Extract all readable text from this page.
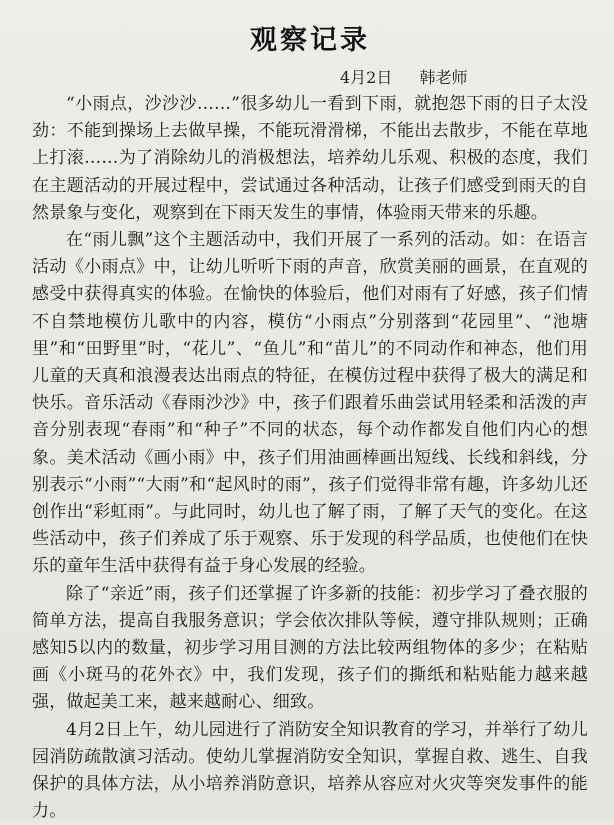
观察记录
4月2日 韩老师

“小雨点，沙沙沙……”很多幼儿一看到下雨，就抱怨下雨的日子太没劲：不能到操场上去做早操，不能玩滑滑梯，不能出去散步，不能在草地上打滚……为了消除幼儿的消极想法，培养幼儿乐观、积极的态度，我们在主题活动的开展过程中，尝试通过各种活动，让孩子们感受到雨天的自然景象与变化，观察到在下雨天发生的事情，体验雨天带来的乐趣。

在“雨儿飘”这个主题活动中，我们开展了一系列的活动。如：在语言活动《小雨点》中，让幼儿听听下雨的声音，欣赏美丽的画景，在直观的感受中获得真实的体验。在愉快的体验后，他们对雨有了好感，孩子们情不自禁地模仿儿歌中的内容，模仿“小雨点”分别落到“花园里”、“池塘里”和“田野里”时，“花儿”、“鱼儿”和“苗儿”的不同动作和神态，他们用儿童的天真和浪漫表达出雨点的特征，在模仿过程中获得了极大的满足和快乐。音乐活动《春雨沙沙》中，孩子们跟着乐曲尝试用轻柔和活泼的声音分别表现“春雨”和“种子”不同的状态，每个动作都发自他们内心的想象。美术活动《画小雨》中，孩子们用油画棒画出短线、长线和斜线，分别表示“小雨”“大雨”和“起风时的雨”，孩子们觉得非常有趣，许多幼儿还创作出“彩虹雨”。与此同时，幼儿也了解了雨，了解了天气的变化。在这些活动中，孩子们养成了乐于观察、乐于发现的科学品质，也使他们在快乐的童年生活中获得有益于身心发展的经验。

除了“亲近”雨，孩子们还掌握了许多新的技能：初步学习了叠衣服的简单方法，提高自我服务意识；学会依次排队等候，遵守排队规则；正确感知5以内的数量，初步学习用目测的方法比较两组物体的多少；在粘贴画《小斑马的花外衣》中，我们发现，孩子们的撕纸和粘贴能力越来越强，做起美工来，越来越耐心、细致。

4月2日上午，幼儿园进行了消防安全知识教育的学习，并举行了幼儿园消防疏散演习活动。使幼儿掌握消防安全知识，掌握自救、逃生、自我保护的具体方法，从小培养消防意识，培养从容应对火灾等突发事件的能力。
